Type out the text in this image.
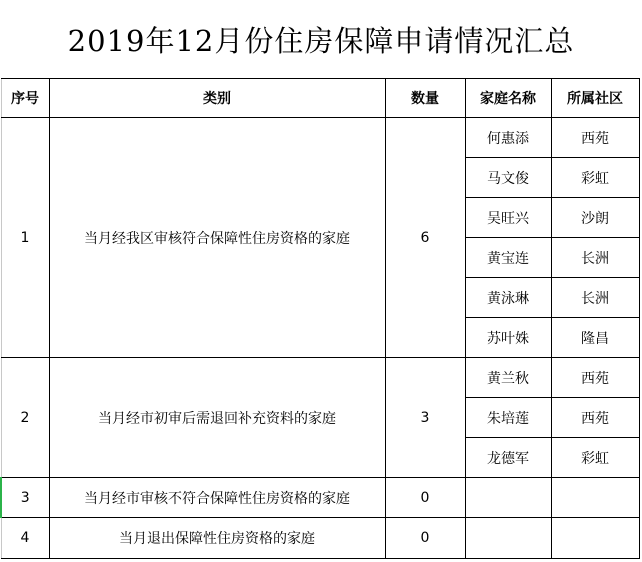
2019年12月份住房保障申请情况汇总
序号	类别	数量	家庭名称	所属社区
1	当月经我区审核符合保障性住房资格的家庭	6	何惠添	西苑
			马文俊	彩虹
			吴旺兴	沙朗
			黄宝连	长洲
			黄泳琳	长洲
			苏叶姝	隆昌
2	当月经市初审后需退回补充资料的家庭	3	黄兰秋	西苑
			朱培莲	西苑
			龙德军	彩虹
3	当月经市审核不符合保障性住房资格的家庭	0		
4	当月退出保障性住房资格的家庭	0		
